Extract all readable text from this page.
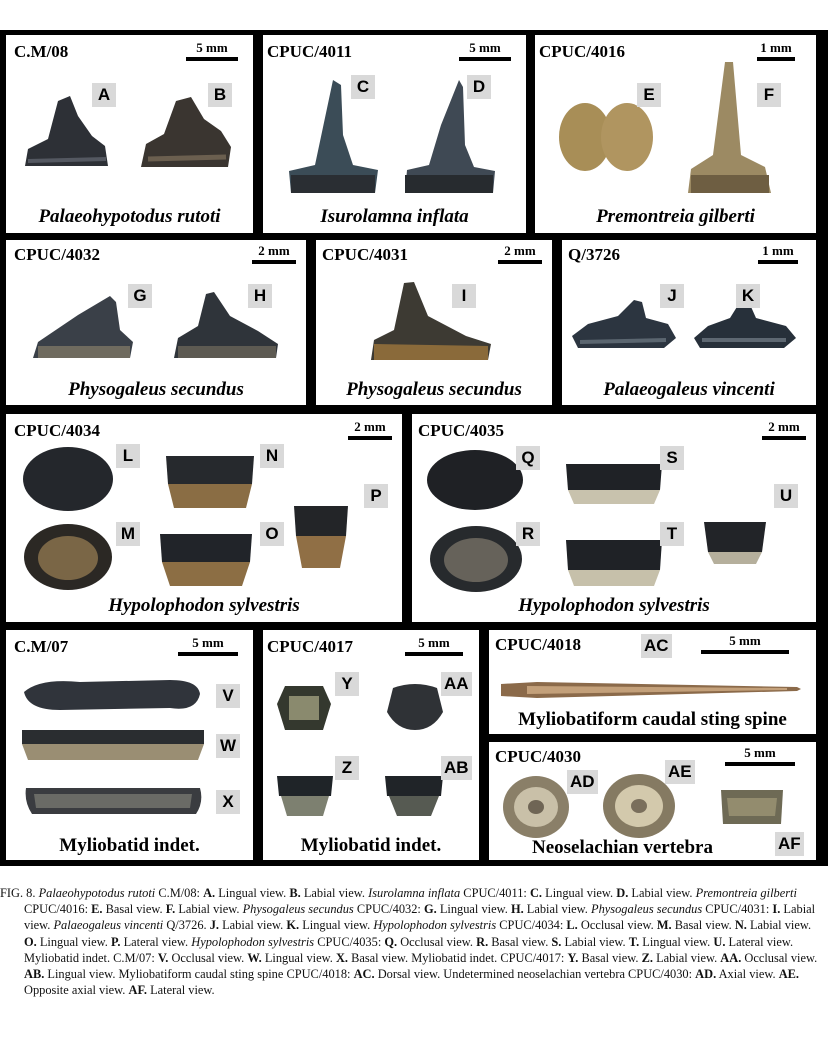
C.M/08	5 mm
A	B
Palaeohypotodus rutoti
CPUC/4011	5 mm
C	D
Isurolamna inflata
CPUC/4016	1 mm
E	F
Premontreia gilberti
CPUC/4032	2 mm
G	H
Physogaleus secundus
CPUC/4031	2 mm
I
Physogaleus secundus
Q/3726	1 mm
J	K
Palaeogaleus vincenti
CPUC/4034	2 mm
L
M
N
O
P
Hypolophodon sylvestris
CPUC/4035	2 mm
Q
R
S
T
U
Hypolophodon sylvestris
C.M/07	5 mm
V
W
X
Myliobatid indet.
CPUC/4017	5 mm
Y	AA
Z	AB
Myliobatid indet.
CPUC/4018	5 mm
AC
Myliobatiform caudal sting spine
CPUC/4030	5 mm
AD
AE
AF
Neoselachian vertebra

FIG. 8. Palaeohypotodus rutoti C.M/08: A. Lingual view. B. Labial view. Isurolamna inflata CPUC/4011: C. Lingual view. D. Labial view. Premontreia gilberti CPUC/4016: E. Basal view. F. Labial view. Physogaleus secundus CPUC/4032: G. Lingual view. H. Labial view. Physogaleus secundus CPUC/4031: I. Labial view. Palaeogaleus vincenti Q/3726. J. Labial view. K. Lingual view. Hypolophodon sylvestris CPUC/4034: L. Occlusal view. M. Basal view. N. Labial view. O. Lingual view. P. Lateral view. Hypolophodon sylvestris CPUC/4035: Q. Occlusal view. R. Basal view. S. Labial view. T. Lingual view. U. Lateral view. Myliobatid indet. C.M/07: V. Occlusal view. W. Lingual view. X. Basal view. Myliobatid indet. CPUC/4017: Y. Basal view. Z. Labial view. AA. Occlusal view. AB. Lingual view. Myliobatiform caudal sting spine CPUC/4018: AC. Dorsal view. Undetermined neoselachian vertebra CPUC/4030: AD. Axial view. AE. Opposite axial view. AF. Lateral view.
